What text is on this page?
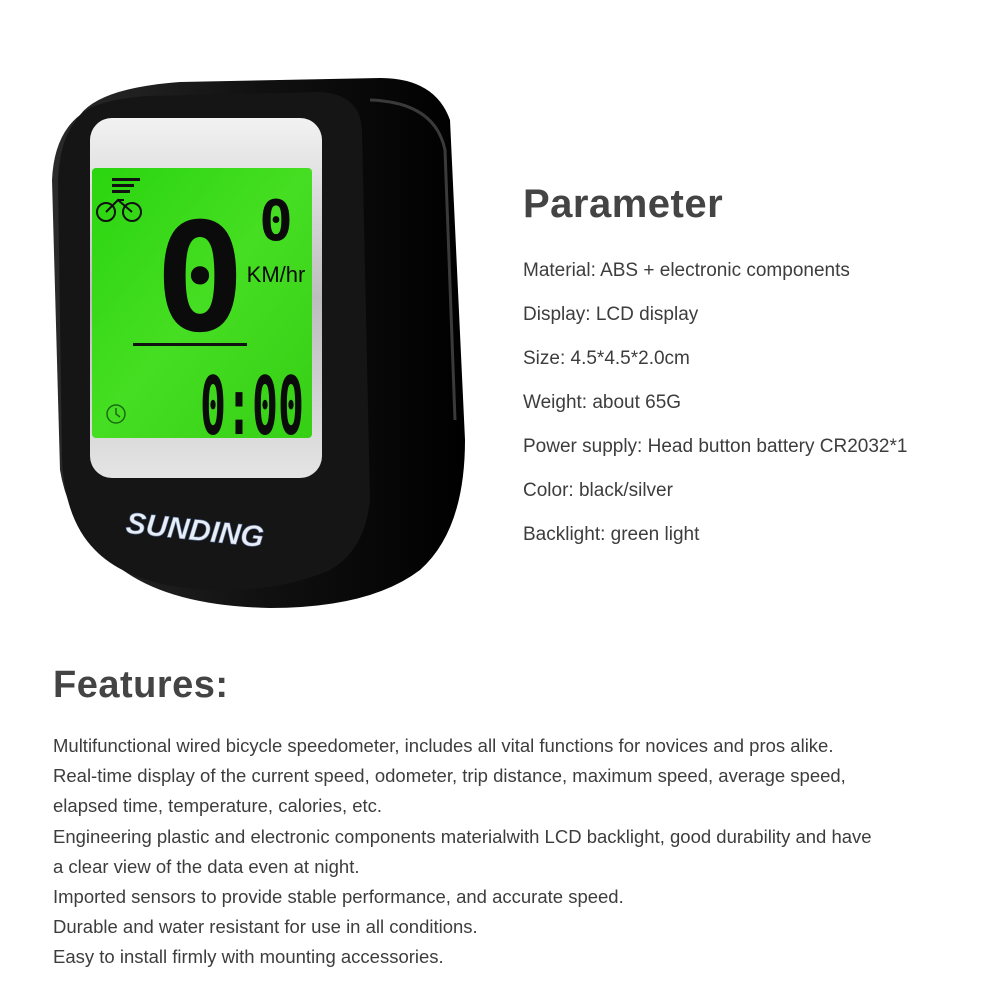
0 0
KM/hr
0:00
SUNDING
Parameter
Material: ABS + electronic components
Display: LCD display
Size: 4.5*4.5*2.0cm
Weight: about 65G
Power supply: Head button battery CR2032*1
Color: black/silver
Backlight: green light
Features:

Multifunctional wired bicycle speedometer, includes all vital functions for novices and pros alike.

Real-time display of the current speed, odometer, trip distance, maximum speed, average speed,

elapsed time, temperature, calories, etc.

Engineering plastic and electronic components materialwith LCD backlight, good durability and have

a clear view of the data even at night.

Imported sensors to provide stable performance, and accurate speed.

Durable and water resistant for use in all conditions.

Easy to install firmly with mounting accessories.
